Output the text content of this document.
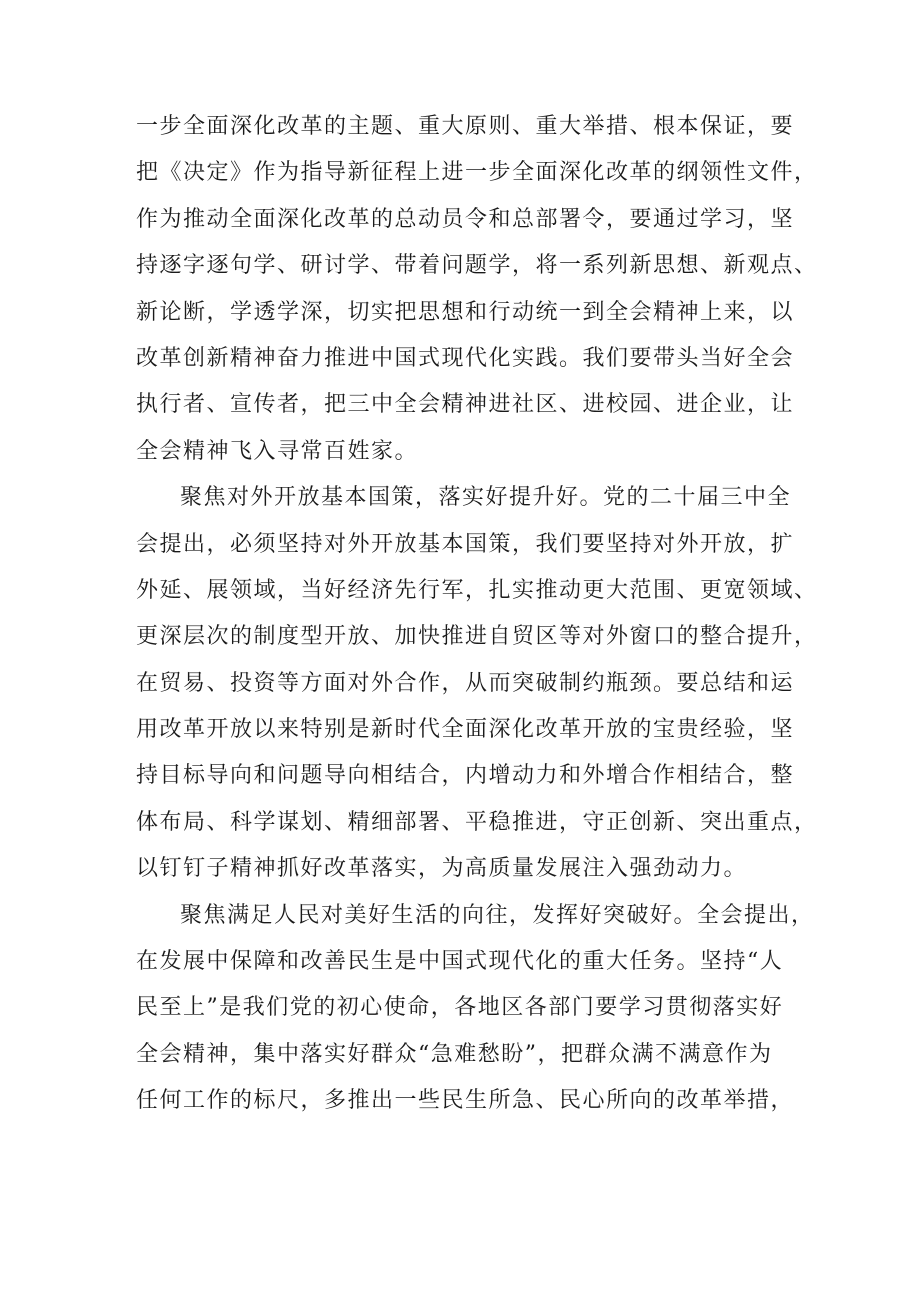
一步全面深化改革的主题、重大原则、重大举措、根本保证，要
把《决定》作为指导新征程上进一步全面深化改革的纲领性文件，
作为推动全面深化改革的总动员令和总部署令，要通过学习，坚
持逐字逐句学、研讨学、带着问题学，将一系列新思想、新观点、
新论断，学透学深，切实把思想和行动统一到全会精神上来，以
改革创新精神奋力推进中国式现代化实践。我们要带头当好全会
执行者、宣传者，把三中全会精神进社区、进校园、进企业，让
全会精神飞入寻常百姓家。
聚焦对外开放基本国策，落实好提升好。党的二十届三中全
会提出，必须坚持对外开放基本国策，我们要坚持对外开放，扩
外延、展领域，当好经济先行军，扎实推动更大范围、更宽领域、
更深层次的制度型开放、加快推进自贸区等对外窗口的整合提升，
在贸易、投资等方面对外合作，从而突破制约瓶颈。要总结和运
用改革开放以来特别是新时代全面深化改革开放的宝贵经验，坚
持目标导向和问题导向相结合，内增动力和外增合作相结合，整
体布局、科学谋划、精细部署、平稳推进，守正创新、突出重点，
以钉钉子精神抓好改革落实，为高质量发展注入强劲动力。
聚焦满足人民对美好生活的向往，发挥好突破好。全会提出，
在发展中保障和改善民生是中国式现代化的重大任务。坚持“人
民至上”是我们党的初心使命，各地区各部门要学习贯彻落实好
全会精神，集中落实好群众“急难愁盼”，把群众满不满意作为
任何工作的标尺，多推出一些民生所急、民心所向的改革举措，
